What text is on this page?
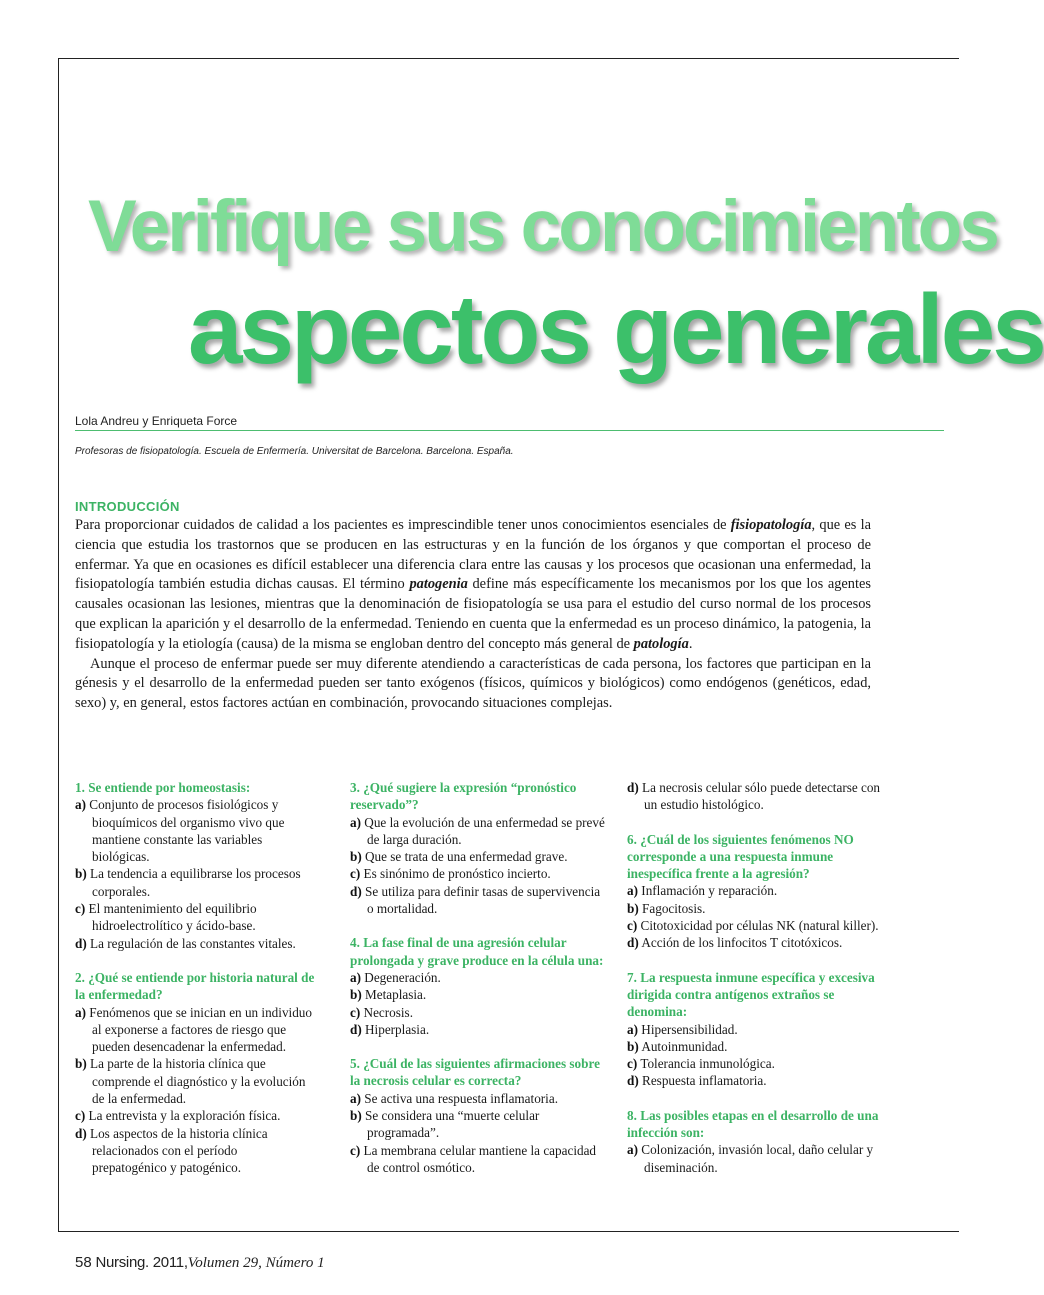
Verifique sus conocimientos
aspectos generales
Lola Andreu y Enriqueta Force
Profesoras de fisiopatología. Escuela de Enfermería. Universitat de Barcelona. Barcelona. España.
INTRODUCCIÓN

Para proporcionar cuidados de calidad a los pacientes es imprescindible tener unos conocimientos esenciales de fisiopatología, que es la ciencia que estudia los trastornos que se producen en las estructuras y en la función de los órganos y que comportan el proceso de enfermar. Ya que en ocasiones es difícil establecer una diferencia clara entre las causas y los procesos que ocasionan una enfermedad, la fisiopatología también estudia dichas causas. El término patogenia define más específicamente los mecanismos por los que los agentes causales ocasionan las lesiones, mientras que la denominación de fisiopatología se usa para el estudio del curso normal de los procesos que explican la aparición y el desarrollo de la enfermedad. Teniendo en cuenta que la enfermedad es un proceso dinámico, la patogenia, la fisiopatología y la etiología (causa) de la misma se engloban dentro del concepto más general de patología.

Aunque el proceso de enfermar puede ser muy diferente atendiendo a características de cada persona, los factores que participan en la génesis y el desarrollo de la enfermedad pueden ser tanto exógenos (físicos, químicos y biológicos) como endógenos (genéticos, edad, sexo) y, en general, estos factores actúan en combinación, provocando situaciones complejas.

1. Se entiende por homeostasis:

a) Conjunto de procesos fisiológicos y bioquímicos del organismo vivo que mantiene constante las variables biológicas.

b) La tendencia a equilibrarse los procesos corporales.

c) El mantenimiento del equilibrio hidroelectrolítico y ácido-base.

d) La regulación de las constantes vitales.

2. ¿Qué se entiende por historia natural de la enfermedad?

a) Fenómenos que se inician en un individuo al exponerse a factores de riesgo que pueden desencadenar la enfermedad.

b) La parte de la historia clínica que comprende el diagnóstico y la evolución de la enfermedad.

c) La entrevista y la exploración física.

d) Los aspectos de la historia clínica relacionados con el período prepatogénico y patogénico.

3. ¿Qué sugiere la expresión “pronóstico reservado”?

a) Que la evolución de una enfermedad se prevé de larga duración.

b) Que se trata de una enfermedad grave.

c) Es sinónimo de pronóstico incierto.

d) Se utiliza para definir tasas de supervivencia o mortalidad.

4. La fase final de una agresión celular prolongada y grave produce en la célula una:

a) Degeneración.

b) Metaplasia.

c) Necrosis.

d) Hiperplasia.

5. ¿Cuál de las siguientes afirmaciones sobre la necrosis celular es correcta?

a) Se activa una respuesta inflamatoria.

b) Se considera una “muerte celular programada”.

c) La membrana celular mantiene la capacidad de control osmótico.

d) La necrosis celular sólo puede detectarse con un estudio histológico.

6. ¿Cuál de los siguientes fenómenos NO corresponde a una respuesta inmune inespecífica frente a la agresión?

a) Inflamación y reparación.

b) Fagocitosis.

c) Citotoxicidad por células NK (natural killer).

d) Acción de los linfocitos T citotóxicos.

7. La respuesta inmune específica y excesiva dirigida contra antígenos extraños se denomina:

a) Hipersensibilidad.

b) Autoinmunidad.

c) Tolerancia inmunológica.

d) Respuesta inflamatoria.

8. Las posibles etapas en el desarrollo de una infección son:

a) Colonización, invasión local, daño celular y diseminación.

58 Nursing. 2011,Volumen 29, Número 1
